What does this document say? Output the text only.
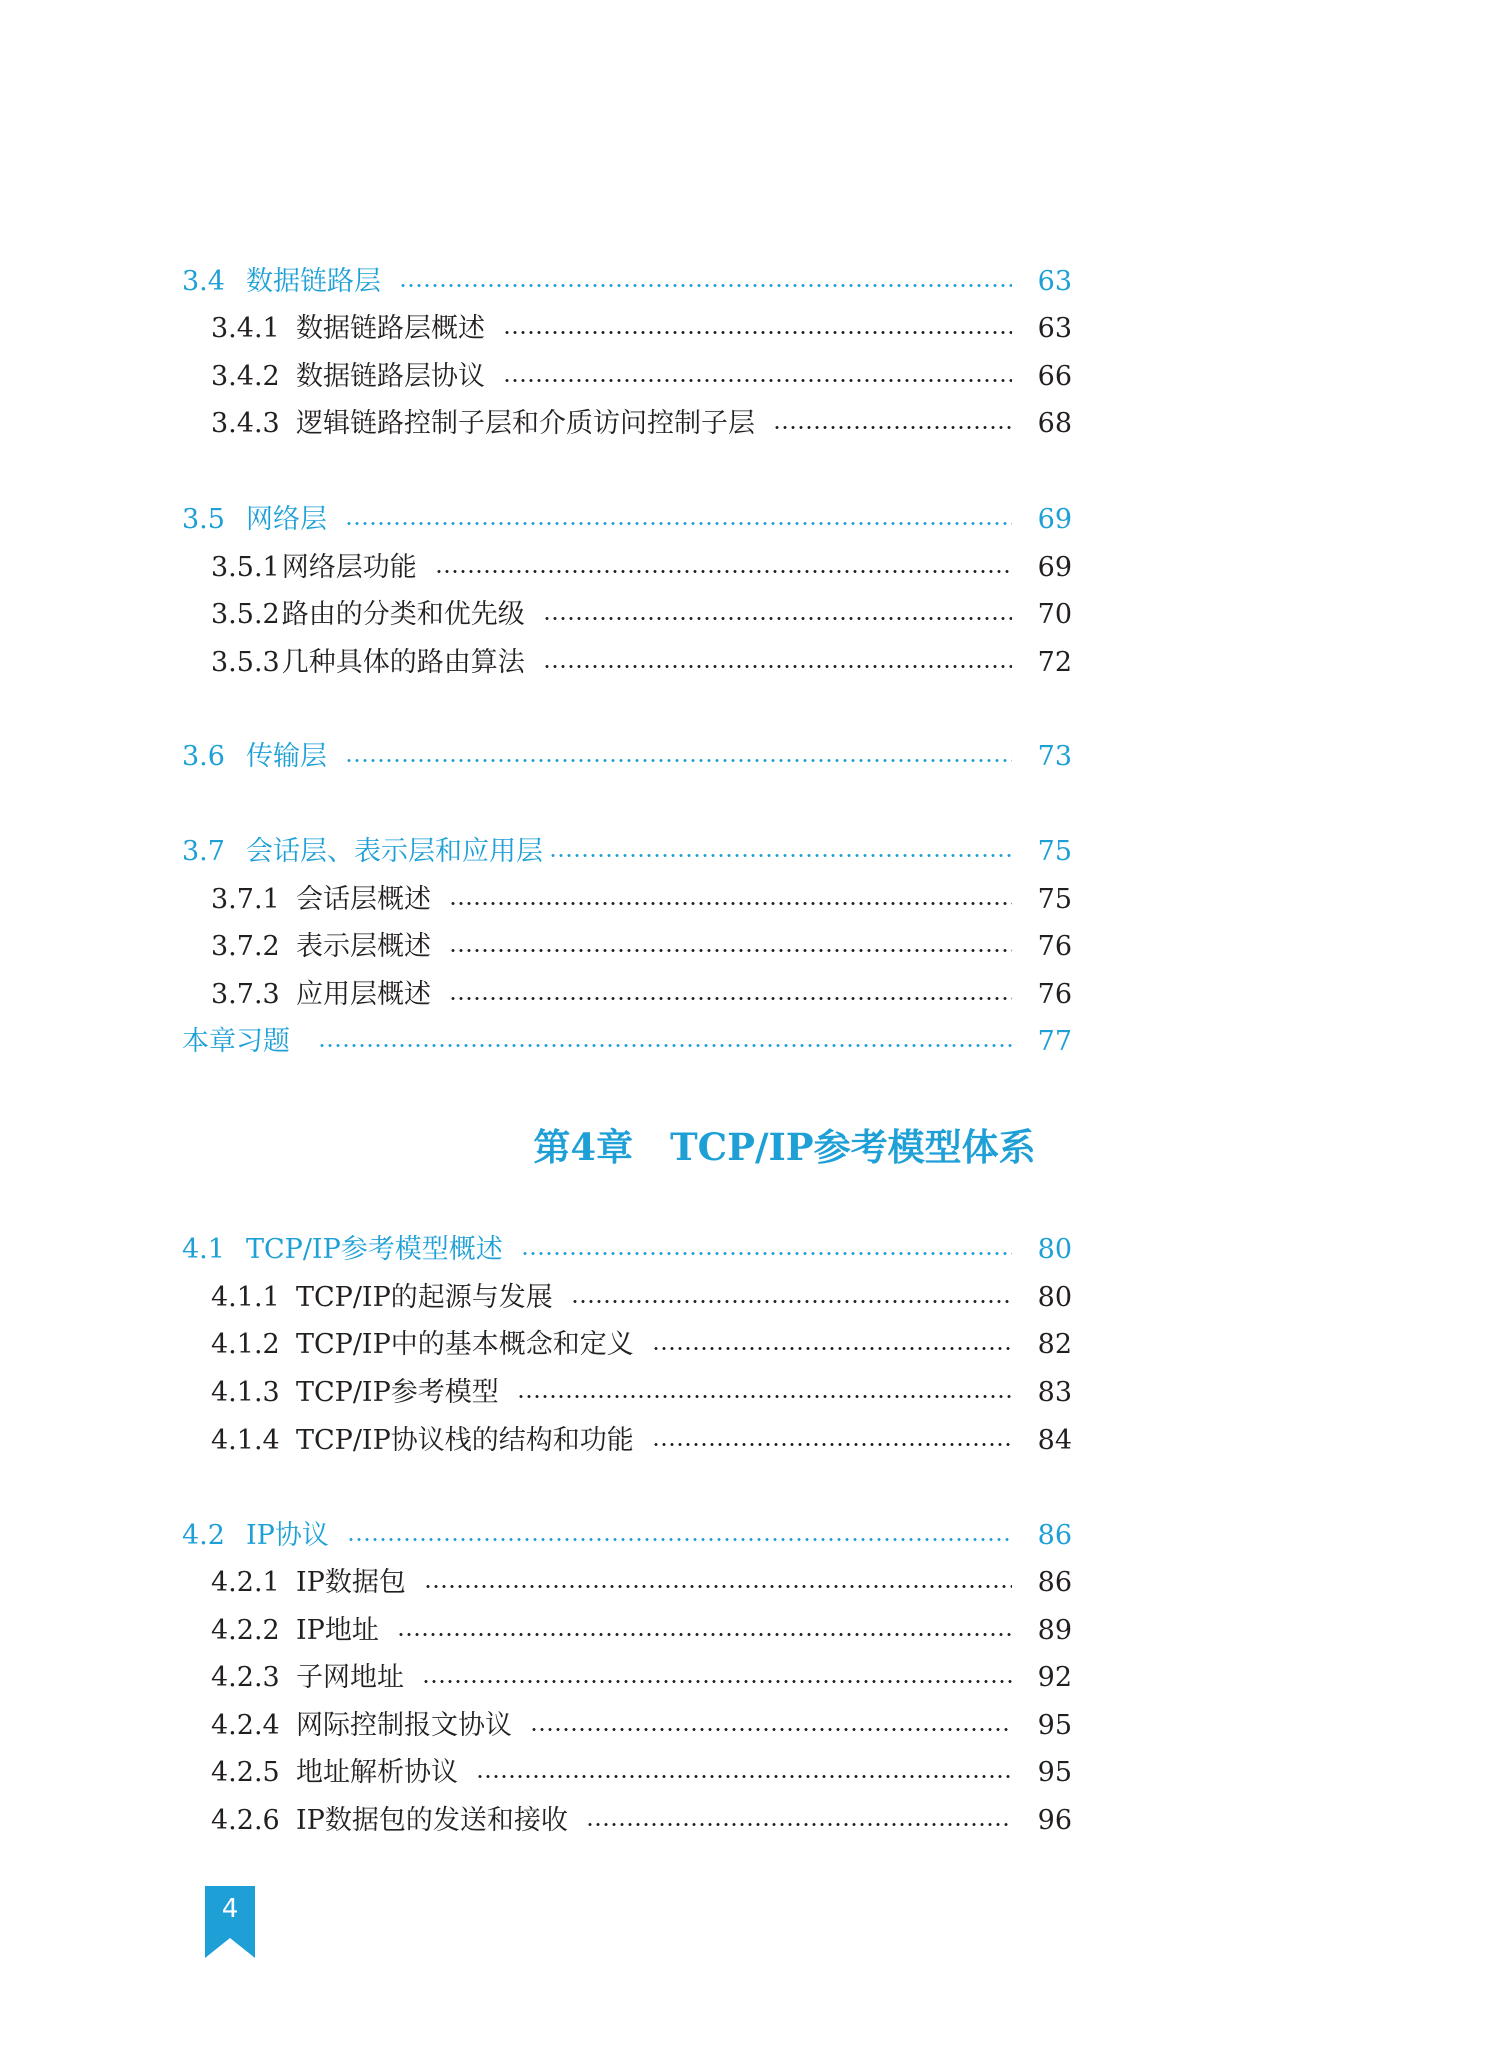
3.4 数据链路层	63
3.4.1 数据链路层概述	63
3.4.2 数据链路层协议	66
3.4.3 逻辑链路控制子层和介质访问控制子层	68
3.5 网络层	69
3.5.1 网络层功能	69
3.5.2 路由的分类和优先级	70
3.5.3 几种具体的路由算法	72
3.6 传输层	73
3.7 会话层、表示层和应用层	75
3.7.1 会话层概述	75
3.7.2 表示层概述	76
3.7.3 应用层概述	76
本章习题	77
4.1 TCP/IP参考模型概述	80
4.1.1 TCP/IP的起源与发展	80
4.1.2 TCP/IP中的基本概念和定义	82
4.1.3 TCP/IP参考模型	83
4.1.4 TCP/IP协议栈的结构和功能	84
4.2 IP协议	86
4.2.1 IP数据包	86
4.2.2 IP地址	89
4.2.3 子网地址	92
4.2.4 网际控制报文协议	95
4.2.5 地址解析协议	95
4.2.6 IP数据包的发送和接收	96
第4章　TCP/IP参考模型体系
4
